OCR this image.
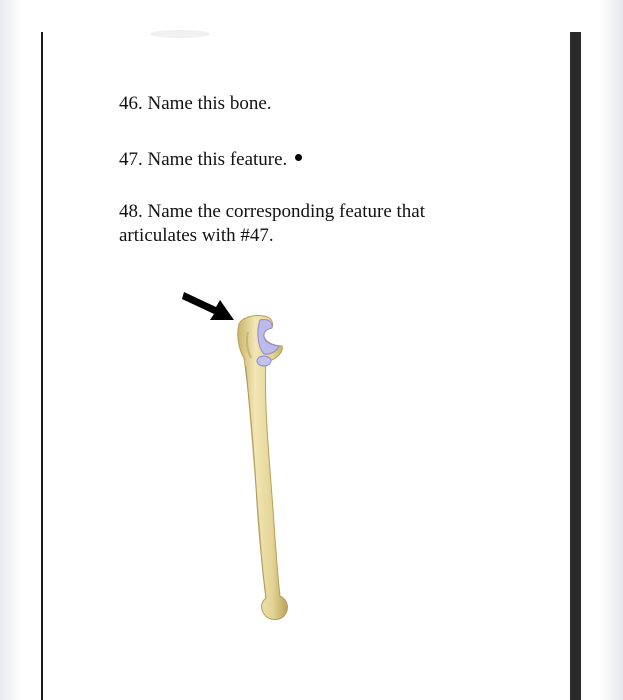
46. Name this bone.
47. Name this feature.
48. Name the corresponding feature that articulates with #47.
